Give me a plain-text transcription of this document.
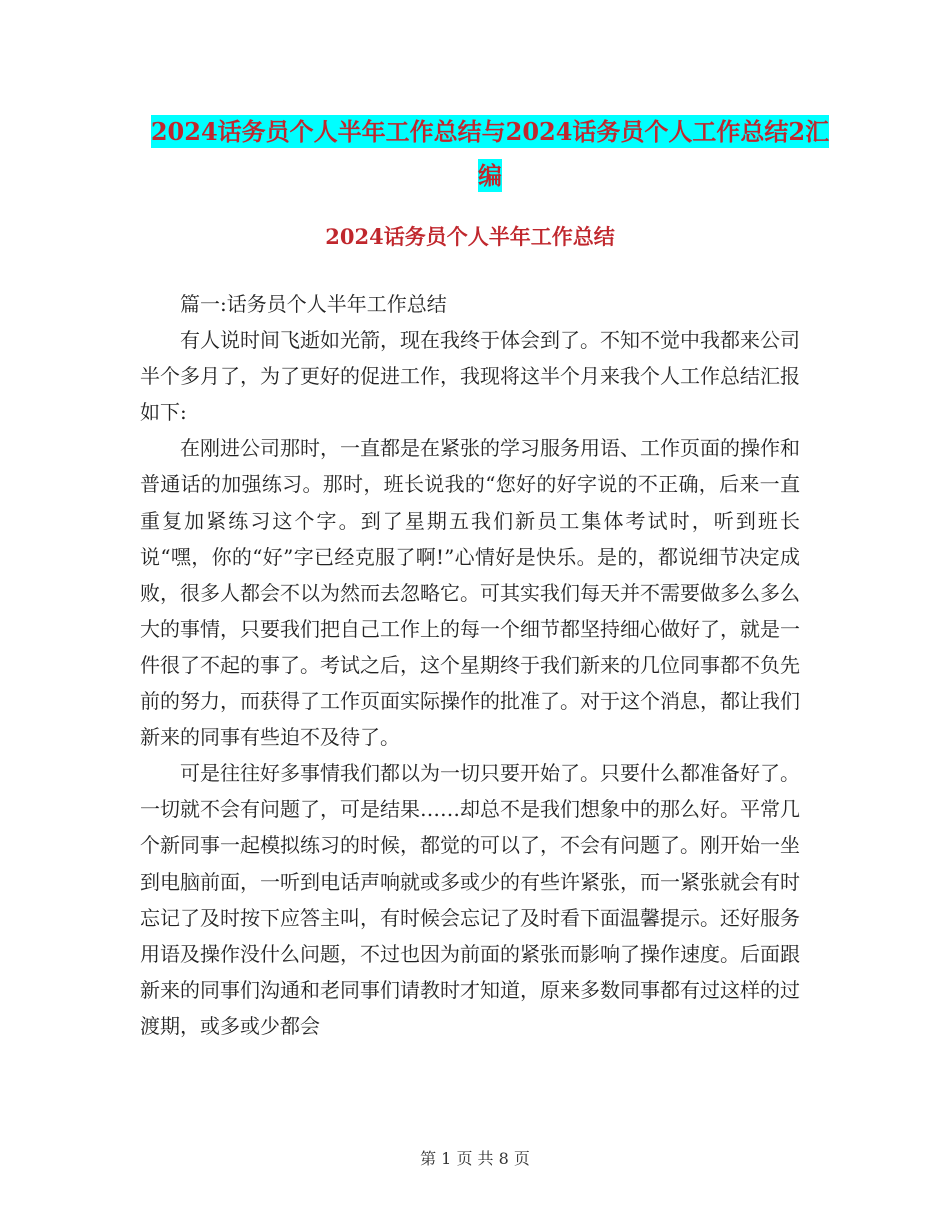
2024话务员个人半年工作总结与2024话务员个人工作总结2汇编
2024话务员个人半年工作总结

篇一:话务员个人半年工作总结

有人说时间飞逝如光箭，现在我终于体会到了。不知不觉中我都来公司半个多月了，为了更好的促进工作，我现将这半个月来我个人工作总结汇报如下:

在刚进公司那时，一直都是在紧张的学习服务用语、工作页面的操作和普通话的加强练习。那时，班长说我的“您好的好字说的不正确，后来一直重复加紧练习这个字。到了星期五我们新员工集体考试时，听到班长说“嘿，你的“好”字已经克服了啊!”心情好是快乐。是的，都说细节决定成败，很多人都会不以为然而去忽略它。可其实我们每天并不需要做多么多么大的事情，只要我们把自己工作上的每一个细节都坚持细心做好了，就是一件很了不起的事了。考试之后，这个星期终于我们新来的几位同事都不负先前的努力，而获得了工作页面实际操作的批准了。对于这个消息，都让我们新来的同事有些迫不及待了。

可是往往好多事情我们都以为一切只要开始了。只要什么都准备好了。一切就不会有问题了，可是结果……却总不是我们想象中的那么好。平常几个新同事一起模拟练习的时候，都觉的可以了，不会有问题了。刚开始一坐到电脑前面，一听到电话声响就或多或少的有些许紧张，而一紧张就会有时忘记了及时按下应答主叫，有时候会忘记了及时看下面温馨提示。还好服务用语及操作没什么问题，不过也因为前面的紧张而影响了操作速度。后面跟新来的同事们沟通和老同事们请教时才知道，原来多数同事都有过这样的过渡期，或多或少都会

第 1 页 共 8 页
